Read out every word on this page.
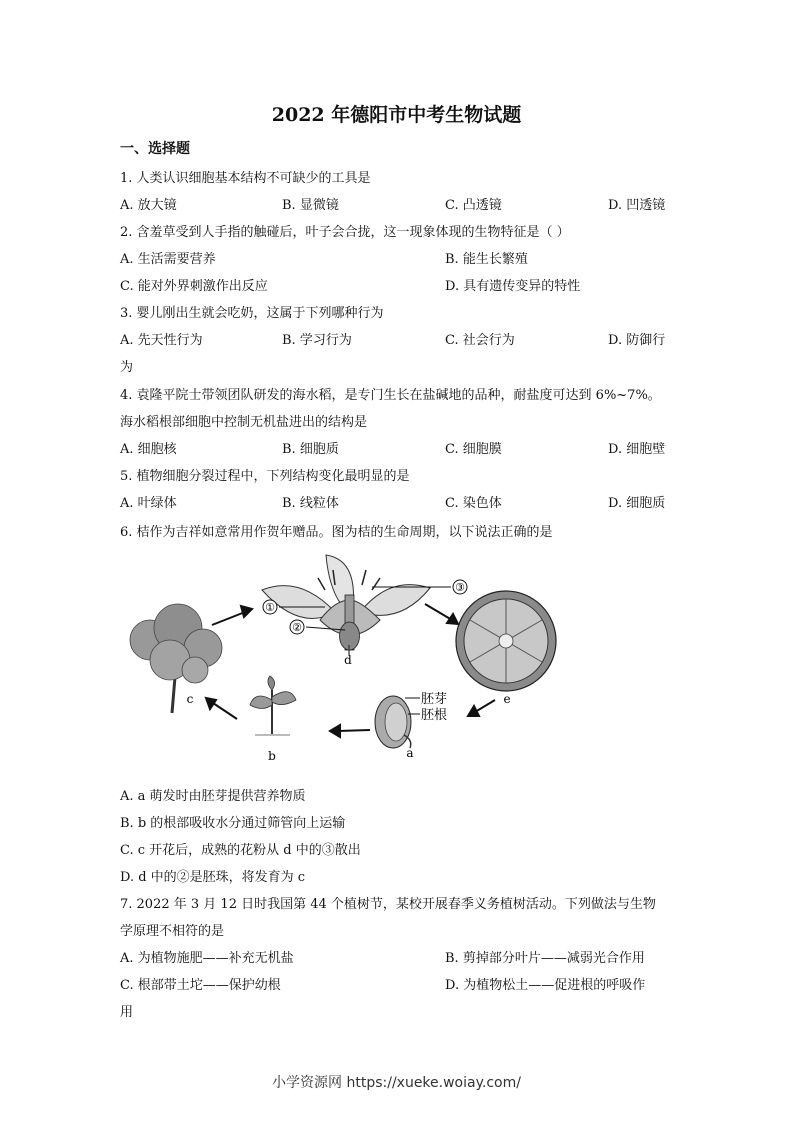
2022 年德阳市中考生物试题
一、选择题
1. 人类认识细胞基本结构不可缺少的工具是
A. 放大镜	B. 显微镜	C. 凸透镜	D. 凹透镜
2. 含羞草受到人手指的触碰后，叶子会合拢，这一现象体现的生物特征是（ ）
A. 生活需要营养	B. 能生长繁殖
C. 能对外界刺激作出反应	D. 具有遗传变异的特性
3. 婴儿刚出生就会吃奶，这属于下列哪种行为
A. 先天性行为	B. 学习行为	C. 社会行为	D. 防御行
为
4. 袁隆平院士带领团队研发的海水稻，是专门生长在盐碱地的品种，耐盐度可达到 6%~7%。
海水稻根部细胞中控制无机盐进出的结构是
A. 细胞核	B. 细胞质	C. 细胞膜	D. 细胞壁
5. 植物细胞分裂过程中，下列结构变化最明显的是
A. 叶绿体	B. 线粒体	C. 染色体	D. 细胞质
6. 桔作为吉祥如意常用作贺年赠品。图为桔的生命周期，以下说法正确的是
①
②
③
d
e
胚芽
胚根
a
b
c
A. a 萌发时由胚芽提供营养物质
B. b 的根部吸收水分通过筛管向上运输
C. c 开花后，成熟的花粉从 d 中的③散出
D. d 中的②是胚珠，将发育为 c
7. 2022 年 3 月 12 日时我国第 44 个植树节，某校开展春季义务植树活动。下列做法与生物
学原理不相符的是
A. 为植物施肥——补充无机盐	B. 剪掉部分叶片——减弱光合作用
C. 根部带土坨——保护幼根	D. 为植物松土——促进根的呼吸作
用
小学资源网 https://xueke.woiay.com/
